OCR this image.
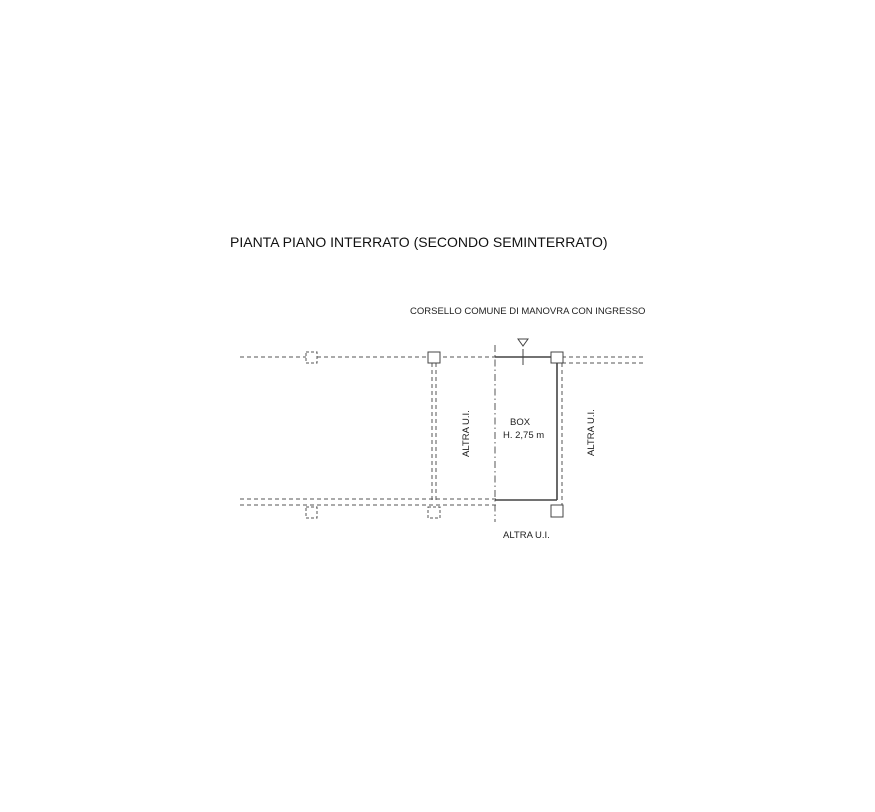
PIANTA PIANO INTERRATO (SECONDO SEMINTERRATO)
CORSELLO COMUNE DI MANOVRA CON INGRESSO
BOX
H. 2,75 m
ALTRA U.I.	ALTRA U.I.
ALTRA U.I.
